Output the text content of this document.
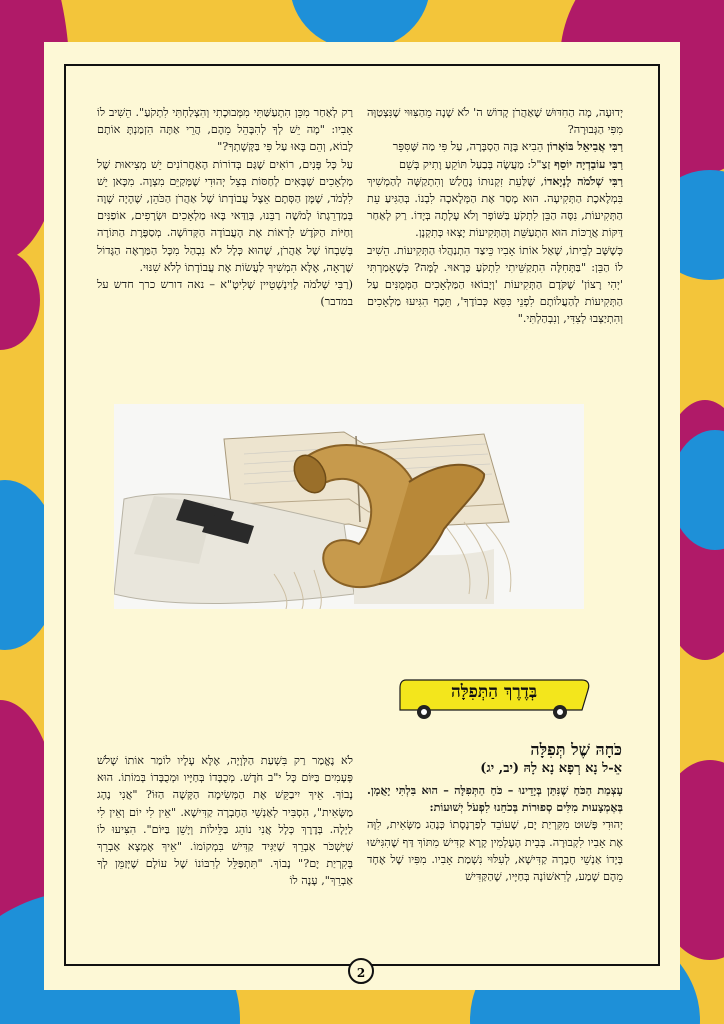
יְדוּעָה, מָה הַחִדּוּשׁ שֶׁאַהֲרֹן קָדוֹשׁ ה' לֹא שָׁנָה מֵהַצִּוּוּי שֶׁנִּצְטַוָּה מִפִּי הַגְּבוּרָה?

רַבִּי אֲבִיאֵל בּוֹאָרוֹן הֵבִיא בָּזֶה הַסְבָּרָה, עַל פִּי מַה שֶּׁסִּפֵּר

רַבִּי עוֹבַדְיָה יוֹסֵף זַצַ"ל: מַעֲשֶׂה בְּבַעַל תּוֹקֵעַ וָתִיק בְּשֵׁם

רַבִּי שְׁלֹמֹה לָנְיָאדוֹ, שֶׁלַּעֵת זִקְנוּתוֹ נֶחֱלַשׁ וְהִתְקַשָּׁה לְהַמְשִׁיךְ בִּמְלֶאכֶת הַתְּקִיעָה. הוּא מָסַר אֶת הַמְּלָאכָה לִבְנוֹ. בְּהַגִּיעַ עֵת הַתְּקִיעוֹת, נִסָּה הַבֵּן לִתְקֹעַ בַּשּׁוֹפָר וְלֹא עָלְתָה בְּיָדוֹ. רַק לְאַחַר דַּקּוֹת אֲרֻכּוֹת הוּא הִתְעַשֵּׁת וְהַתְּקִיעוֹת יָצְאוּ כְּתִקְנָן.

כְּשֶׁשָּׁב לְבֵיתוֹ, שָׁאַל אוֹתוֹ אָבִיו כֵּיצַד הִתְנַהֲלוּ הַתְּקִיעוֹת. הֵשִׁיב לוֹ הַבֵּן: "בַּתְּחִלָּה הִתְקַשֵּׁיתִי לִתְקֹעַ כָּרָאוּי. לָמָּה? כְּשֶׁאָמַרְתִּי 'יְהִי רָצוֹן' שֶׁקֹּדֶם הַתְּקִיעוֹת 'וְיָבוֹאוּ הַמַּלְאָכִים הַמְּמֻנִּים עַל הַתְּקִיעוֹת לְהַעֲלוֹתָם לִפְנֵי כִּסֵּא כְּבוֹדֶךָ', תֵּכֶף הִגִּיעוּ מַלְאָכִים וְהִתְיַצְּבוּ לְצִדִּי, וְנִבְהַלְתִּי."

רַק לְאַחַר מִכֵּן הִתְעַשַּׁתִּי מִמְּבוּכָתִי וְהִצְלַחְתִּי לִתְקֹעַ". הֵשִׁיב לוֹ אָבִיו: "מָה יֵשׁ לְךָ לְהִבָּהֵל מֵהֶם, הֲרֵי אַתָּה הִזְמַנְתָּ אוֹתָם לָבוֹא, וְהֵם בָּאוּ עַל פִּי בַּקָּשָׁתְךָ?"

עַל כָּל פָּנִים, רוֹאִים שֶׁגַּם בְּדוֹרוֹת הָאַחֲרוֹנִים יֵשׁ מְצִיאוּת שֶׁל מַלְאָכִים שֶׁבָּאִים לְחַסּוֹת בְּצֵל יְהוּדִי שֶׁמְּקַיֵּם מִצְוָה. מִכָּאן יֵשׁ לִלְמֹד, שֶׁמָּן הַסְּתָם אֵצֶל עֲבוֹדָתוֹ שֶׁל אַהֲרֹן הַכֹּהֵן, שֶׁהָיָה שָׁוֶה בְּמַדְרֵגָתוֹ לְמֹשֶׁה רַבֵּנוּ, בְּוַדַּאי בָּאוּ מַלְאָכִים וּשְׂרָפִים, אוֹפַנִּים וְחַיּוֹת הַקֹּדֶשׁ לִרְאוֹת אֶת הָעֲבוֹדָה הַקְּדוֹשָׁה. מְסַפֶּרֶת הַתּוֹרָה בְּשִׁבְחוֹ שֶׁל אַהֲרֹן, שֶׁהוּא כְּלָל לֹא נִבְהַל מִכָּל הַמַּרְאֶה הַגָּדוֹל שֶׁרָאָה, אֶלָּא הִמְשִׁיךְ לַעֲשׂוֹת אֶת עֲבוֹדָתוֹ לְלֹא שִׁנּוּי.

(רַבִּי שְׁלֹמֹה לֶוִינְשְׁטֵיין שְׁלִיטָ"א – נאה דורש כרך חדש על במדבר)

בְּדֶרֶךְ הַתְּפִלָּה
כֹּחָהּ שֶׁל תְּפִלָּה
אֵ-ל נָא רְפָא נָא לָהּ (יב, יג)

עָצְמַת הַכֹּחַ שֶׁנִּתַּן בְּיָדֵינוּ – כֹּחַ הַתְּפִלָּה – הוּא בִּלְתִּי יָאֻמָן. בְּאֶמְצָעוּת מִלִּים סְפוּרוֹת בְּכֹחֵנוּ לִפְעֹל יְשׁוּעוֹת:

יְהוּדִי פָּשׁוּט מִקִּרְיַת יָם, שֶׁעוֹבֵד לְפַרְנָסָתוֹ כְּנֶהַג מַשָּׂאִית, לִוָּה אֶת אָבִיו לִקְבוּרָה. בְּבֵית הָעָלְמִין קָרָא קַדִּישׁ מִתּוֹךְ דַּף שֶׁהִגִּישׁוּ בְּיָדוֹ אַנְשֵׁי חֶבְרָה קַדִּישָׁא, לְעִלּוּי נִשְׁמַת אָבִיו. מִפִּיו שֶׁל אֶחָד מֵהֶם שָׁמַע, לָרִאשׁוֹנָה בְּחַיָּיו, שֶׁהַקַּדִּישׁ

לֹא נֶאֱמַר רַק בִּשְׁעַת הַלְּוָיָה, אֶלָּא עָלָיו לוֹמַר אוֹתוֹ שָׁלֹשׁ פְּעָמִים בַּיּוֹם כָּל י"ב חֹדֶשׁ. מְכֻבָּדוֹ בְּחַיָּיו וּמְכֻבָּדוֹ בְּמוֹתוֹ. הוּא נָבוֹךְ. אֵיךְ יִיבַקֵּשׁ אֶת הַמְּשִׂימָה הַקָּשָׁה הַזּוֹ? "אֲנִי נֶהָג מַשָּׂאִית", הִסְבִּיר לְאַנְשֵׁי הַחֶבְרָה קַדִּישָׁא. "אֵין לִי יוֹם וְאֵין לִי לַיְלָה. בְּדֶרֶךְ כְּלָל אֲנִי נוֹהֵג בַּלֵּילוֹת וְיָשֵׁן בַּיּוֹם". הִצִּיעוּ לוֹ שֶׁיִּשְׁכֹּר אַבְרֵךְ שֶׁיַּגִּיד קַדִּישׁ בִּמְקוֹמוֹ. "אֵיךְ אֶמְצָא אַבְרֵךְ בְּקִרְיַת יָם?" נָבוֹךְ. "תִּתְפַּלֵּל לְרִבּוֹנוֹ שֶׁל עוֹלָם שֶׁיְּזַמֵּן לְךָ אַבְרֵךְ", עָנָה לוֹ

2
